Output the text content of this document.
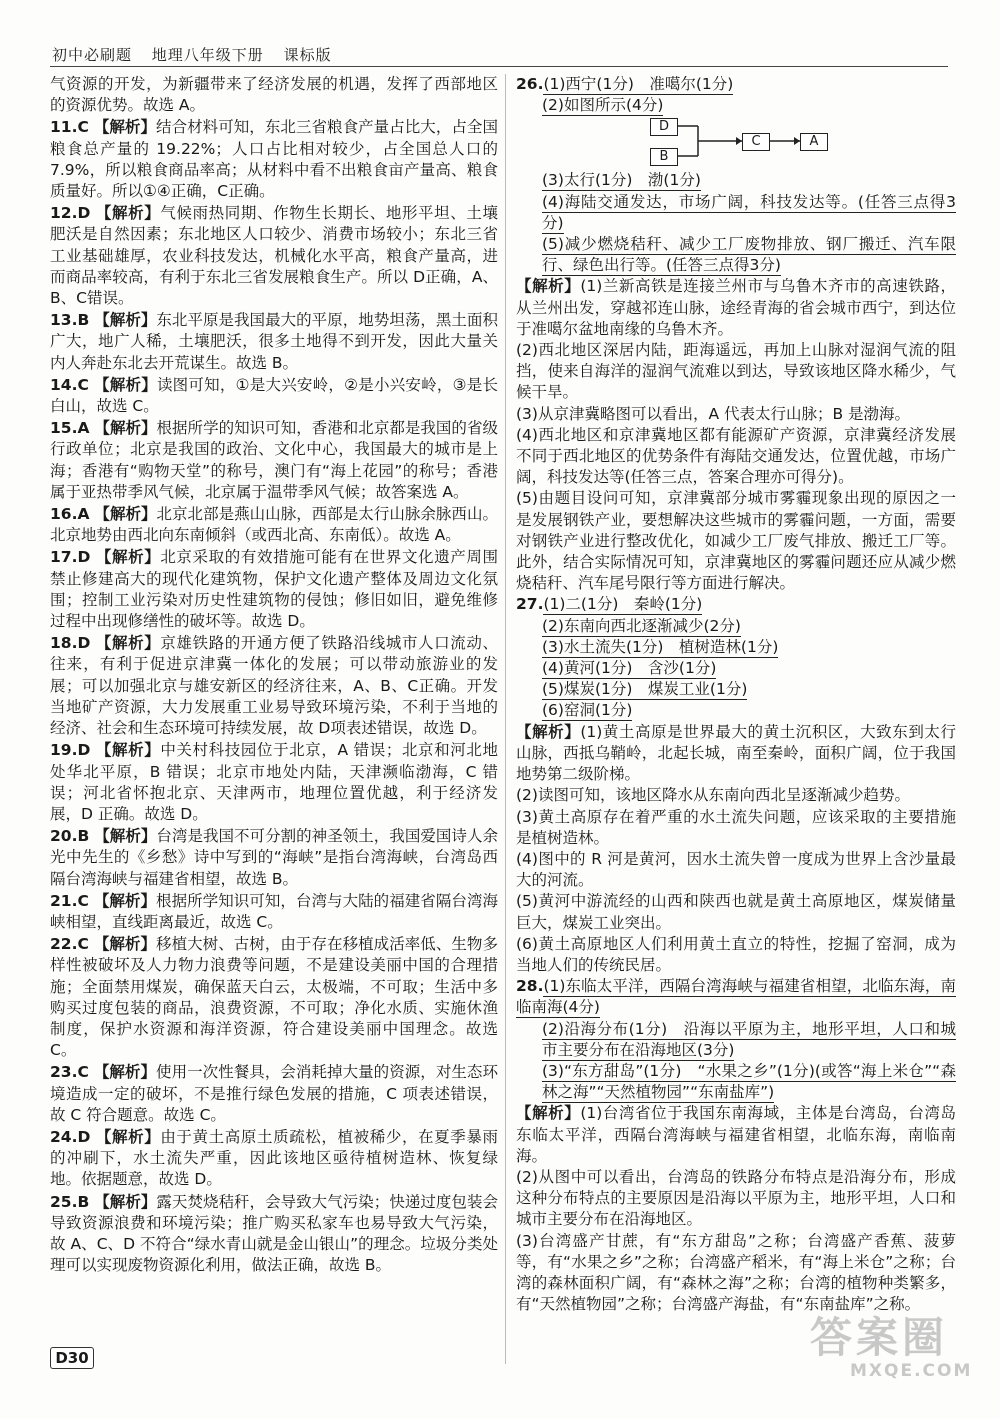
初中必刷题 地理八年级下册 课标版

气资源的开发，为新疆带来了经济发展的机遇，发挥了西部地区的资源优势。故选 A。

11.C 【解析】结合材料可知，东北三省粮食产量占比大，占全国粮食总产量的 19.22%；人口占比相对较少，占全国总人口的7.9%，所以粮食商品率高；从材料中看不出粮食亩产量高、粮食质量好。所以①④正确，C正确。

12.D 【解析】气候雨热同期、作物生长期长、地形平坦、土壤肥沃是自然因素；东北地区人口较少、消费市场较小；东北三省工业基础雄厚，农业科技发达，机械化水平高，粮食产量高，进而商品率较高，有利于东北三省发展粮食生产。所以 D正确，A、B、C错误。

13.B 【解析】东北平原是我国最大的平原，地势坦荡，黑土面积广大，地广人稀，土壤肥沃，很多土地得不到开发，因此大量关内人奔赴东北去开荒谋生。故选 B。

14.C 【解析】读图可知，①是大兴安岭，②是小兴安岭，③是长白山，故选 C。

15.A 【解析】根据所学的知识可知，香港和北京都是我国的省级行政单位；北京是我国的政治、文化中心，我国最大的城市是上海；香港有“购物天堂”的称号，澳门有“海上花园”的称号；香港属于亚热带季风气候，北京属于温带季风气候；故答案选 A。

16.A 【解析】北京北部是燕山山脉，西部是太行山脉余脉西山。北京地势由西北向东南倾斜（或西北高、东南低）。故选 A。

17.D 【解析】北京采取的有效措施可能有在世界文化遗产周围禁止修建高大的现代化建筑物，保护文化遗产整体及周边文化氛围；控制工业污染对历史性建筑物的侵蚀；修旧如旧，避免维修过程中出现修缮性的破坏等。故选 D。

18.D 【解析】京雄铁路的开通方便了铁路沿线城市人口流动、往来，有利于促进京津冀一体化的发展；可以带动旅游业的发展；可以加强北京与雄安新区的经济往来，A、B、C正确。开发当地矿产资源，大力发展重工业易导致环境污染，不利于当地的经济、社会和生态环境可持续发展，故 D项表述错误，故选 D。

19.D 【解析】中关村科技园位于北京，A 错误；北京和河北地处华北平原，B 错误；北京市地处内陆，天津濒临渤海，C 错误；河北省怀抱北京、天津两市，地理位置优越，利于经济发展，D 正确。故选 D。

20.B 【解析】台湾是我国不可分割的神圣领土，我国爱国诗人余光中先生的《乡愁》诗中写到的“海峡”是指台湾海峡，台湾岛西隔台湾海峡与福建省相望，故选 B。

21.C 【解析】根据所学知识可知，台湾与大陆的福建省隔台湾海峡相望，直线距离最近，故选 C。

22.C 【解析】移植大树、古树，由于存在移植成活率低、生物多样性被破坏及人力物力浪费等问题，不是建设美丽中国的合理措施；全面禁用煤炭，确保蓝天白云，太极端，不可取；生活中多购买过度包装的商品，浪费资源，不可取；净化水质、实施休渔制度，保护水资源和海洋资源，符合建设美丽中国理念。故选 C。

23.C 【解析】使用一次性餐具，会消耗掉大量的资源，对生态环境造成一定的破坏，不是推行绿色发展的措施，C 项表述错误，故 C 符合题意。故选 C。

24.D 【解析】由于黄土高原土质疏松，植被稀少，在夏季暴雨的冲刷下，水土流失严重，因此该地区亟待植树造林、恢复绿地。依据题意，故选 D。

25.B 【解析】露天焚烧秸秆，会导致大气污染；快递过度包装会导致资源浪费和环境污染；推广购买私家车也易导致大气污染，故 A、C、D 不符合“绿水青山就是金山银山”的理念。垃圾分类处理可以实现废物资源化利用，做法正确，故选 B。

26.(1)西宁(1分)　准噶尔(1分)

(2)如图所示(4分)

D
B
C	A

(3)太行(1分)　渤(1分)

(4)海陆交通发达，市场广阔，科技发达等。(任答三点得3分)

(5)减少燃烧秸秆、减少工厂废物排放、钢厂搬迁、汽车限行、绿色出行等。(任答三点得3分)

【解析】(1)兰新高铁是连接兰州市与乌鲁木齐市的高速铁路，从兰州出发，穿越祁连山脉，途经青海的省会城市西宁，到达位于准噶尔盆地南缘的乌鲁木齐。

(2)西北地区深居内陆，距海遥远，再加上山脉对湿润气流的阻挡，使来自海洋的湿润气流难以到达，导致该地区降水稀少，气候干旱。

(3)从京津冀略图可以看出，A 代表太行山脉；B 是渤海。

(4)西北地区和京津冀地区都有能源矿产资源，京津冀经济发展不同于西北地区的优势条件有海陆交通发达，位置优越，市场广阔，科技发达等(任答三点，答案合理亦可得分)。

(5)由题目设问可知，京津冀部分城市雾霾现象出现的原因之一是发展钢铁产业，要想解决这些城市的雾霾问题，一方面，需要对钢铁产业进行整改优化，如减少工厂废气排放、搬迁工厂等。此外，结合实际情况可知，京津冀地区的雾霾问题还应从减少燃烧秸秆、汽车尾号限行等方面进行解决。

27.(1)二(1分)　秦岭(1分)

(2)东南向西北逐渐减少(2分)

(3)水土流失(1分)　植树造林(1分)

(4)黄河(1分)　含沙(1分)

(5)煤炭(1分)　煤炭工业(1分)

(6)窑洞(1分)

【解析】(1)黄土高原是世界最大的黄土沉积区，大致东到太行山脉，西抵乌鞘岭，北起长城，南至秦岭，面积广阔，位于我国地势第二级阶梯。

(2)读图可知，该地区降水从东南向西北呈逐渐减少趋势。

(3)黄土高原存在着严重的水土流失问题，应该采取的主要措施是植树造林。

(4)图中的 R 河是黄河，因水土流失曾一度成为世界上含沙量最大的河流。

(5)黄河中游流经的山西和陕西也就是黄土高原地区，煤炭储量巨大，煤炭工业突出。

(6)黄土高原地区人们利用黄土直立的特性，挖掘了窑洞，成为当地人们的传统民居。

28.(1)东临太平洋，西隔台湾海峡与福建省相望，北临东海，南临南海(4分)

(2)沿海分布(1分)　沿海以平原为主，地形平坦，人口和城市主要分布在沿海地区(3分)

(3)“东方甜岛”(1分)　“水果之乡”(1分)(或答“海上米仓”“森林之海”“天然植物园”“东南盐库”)

【解析】(1)台湾省位于我国东南海域，主体是台湾岛，台湾岛东临太平洋，西隔台湾海峡与福建省相望，北临东海，南临南海。

(2)从图中可以看出，台湾岛的铁路分布特点是沿海分布，形成这种分布特点的主要原因是沿海以平原为主，地形平坦，人口和城市主要分布在沿海地区。

(3)台湾盛产甘蔗，有“东方甜岛”之称；台湾盛产香蕉、菠萝等，有“水果之乡”之称；台湾盛产稻米，有“海上米仓”之称；台湾的森林面积广阔，有“森林之海”之称；台湾的植物种类繁多，有“天然植物园”之称；台湾盛产海盐，有“东南盐库”之称。

D30	答案圈
MXQE.COM
